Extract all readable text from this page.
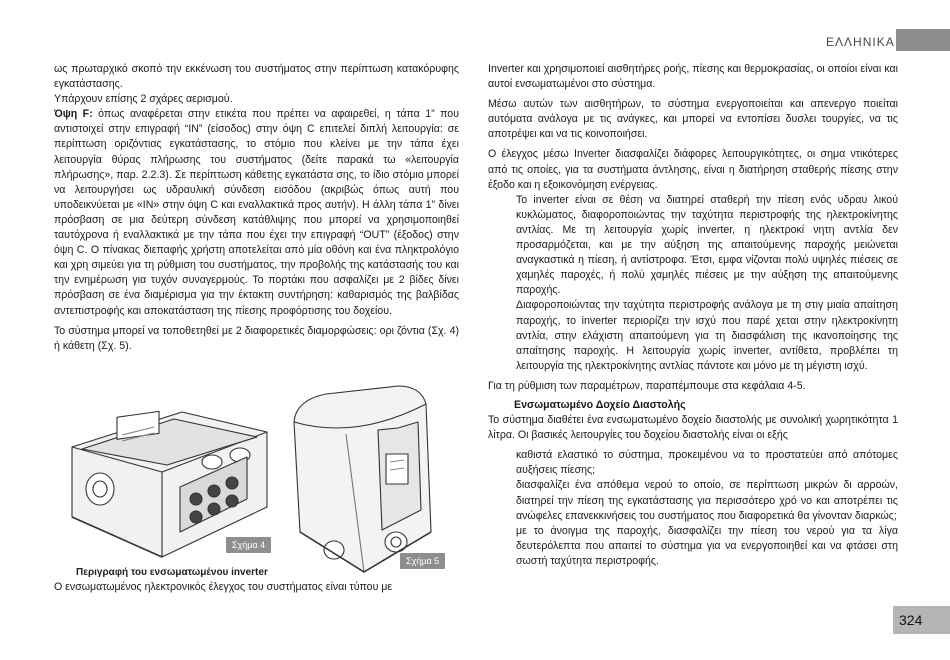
ΕΛΛΗΝΙΚΑ

ως πρωταρχικό σκοπό την εκκένωση του συστήματος στην περίπτωση κατακόρυφης εγκατάστασης.

Υπάρχουν επίσης 2 σχάρες αερισμού.

Όψη F: όπως αναφέρεται στην ετικέτα που πρέπει να αφαιρεθεί, η τάπα 1” που αντιστοιχεί στην επιγραφή “IN” (είσοδος) στην όψη C επιτελεί διπλή λειτουργία: σε περίπτωση οριζόντιας εγκατάστασης, το στόμιο που κλείνει με την τάπα έχει λειτουργία θύρας πλήρωσης του συστήματος (δείτε παρακά τω «λειτουργία πλήρωσης», παρ. 2.2.3). Σε περίπτωση κάθετης εγκατάστα σης, το ίδιο στόμιο μπορεί να λειτουργήσει ως υδραυλική σύνδεση εισόδου (ακριβώς όπως αυτή που υποδεικνύεται με «IN» στην όψη C και εναλλακτικά προς αυτήν). Η άλλη τάπα 1” δίνει πρόσβαση σε μια δεύτερη σύνδεση κατάθλιψης που μπορεί να χρησιμοποιηθεί ταυτόχρονα ή εναλλακτικά με την τάπα που έχει την επιγραφή “OUT” (έξοδος) στην όψη C. Ο πίνακας διεπαφής χρήστη αποτελείται από μία οθόνη και ένα πληκτρολόγιο και χρη σιμεύει για τη ρύθμιση του συστήματος, την προβολής της κατάστασής του και την ενημέρωση για τυχόν συναγερμούς. Το πορτάκι που ασφαλίζει με 2 βίδες δίνει πρόσβαση σε ένα διαμέρισμα για την έκτακτη συντήρηση: καθαρισμός της βαλβίδας αντεπιστροφής και αποκατάσταση της πίεσης προφόρτισης του δοχείου.

Το σύστημα μπορεί να τοποθετηθεί με 2 διαφορετικές διαμορφώσεις: ορι ζόντια (Σχ. 4) ή κάθετη (Σχ. 5).

Σχήμα 4
Σχήμα 5
Περιγραφή του ενσωματωμένου inverter
Ο ενσωματωμένος ηλεκτρονικός έλεγχος του συστήματος είναι τύπου με

Inverter και χρησιμοποιεί αισθητήρες ροής, πίεσης και θερμοκρασίας, οι οποίοι είναι και αυτοί ενσωματωμένοι στο σύστημα.

Μέσω αυτών των αισθητήρων, το σύστημα ενεργοποιείται και απενεργο ποιείται αυτόματα ανάλογα με τις ανάγκες, και μπορεί να εντοπίσει δυσλει τουργίες, να τις αποτρέψει και να τις κοινοποιήσει.

Ο έλεγχος μέσω Inverter διασφαλίζει διάφορες λειτουργικότητες, οι σημα ντικότερες από τις οποίες, για τα συστήματα άντλησης, είναι η διατήρηση σταθερής πίεσης στην έξοδο και η εξοικονόμηση ενέργειας.

Το inverter είναι σε θέση να διατηρεί σταθερή την πίεση ενός υδραυ λικού κυκλώματος, διαφοροποιώντας την ταχύτητα περιστροφής της ηλεκτροκίνητης αντλίας. Με τη λειτουργία χωρίς inverter, η ηλεκτροκί νητη αντλία δεν προσαρμόζεται, και με την αύξηση της απαιτούμενης παροχής μειώνεται αναγκαστικά η πίεση, ή αντίστροφα. Έτσι, εμφα νίζονται πολύ υψηλές πιέσεις σε χαμηλές παροχές, ή πολύ χαμηλές πιέσεις με την αύξηση της απαιτούμενης παροχής.

Διαφοροποιώντας την ταχύτητα περιστροφής ανάλογα με τη στιγ μιαία απαίτηση παροχής, το inverter περιορίζει την ισχύ που παρέ χεται στην ηλεκτροκίνητη αντλία, στην ελάχιστη απαιτούμενη για τη διασφάλιση της ικανοποίησης της απαίτησης παροχής. Η λειτουργία χωρίς inverter, αντίθετα, προβλέπει τη λειτουργία της ηλεκτροκίνητης αντλίας πάντοτε και μόνο με τη μέγιστη ισχύ.

Για τη ρύθμιση των παραμέτρων, παραπέμπουμε στα κεφάλαια 4-5.

Ενσωματωμένο Δοχείο Διαστολής

Το σύστημα διαθέτει ένα ενσωματωμένο δοχείο διαστολής με συνολική χωρητικότητα 1 λίτρα. Οι βασικές λειτουργίες του δοχείου διαστολής είναι οι εξής

καθιστά ελαστικό το σύστημα, προκειμένου να το προστατεύει από απότομες αυξήσεις πίεσης;

διασφαλίζει ένα απόθεμα νερού το οποίο, σε περίπτωση μικρών δι αρροών, διατηρεί την πίεση της εγκατάστασης για περισσότερο χρό νο και αποτρέπει τις ανώφελες επανεκκινήσεις του συστήματος που διαφορετικά θα γίνονταν διαρκώς;

με το άνοιγμα της παροχής, διασφαλίζει την πίεση του νερού για τα λίγα δευτερόλεπτα που απαιτεί το σύστημα για να ενεργοποιηθεί και να φτάσει στη σωστή ταχύτητα περιστροφής.

324
